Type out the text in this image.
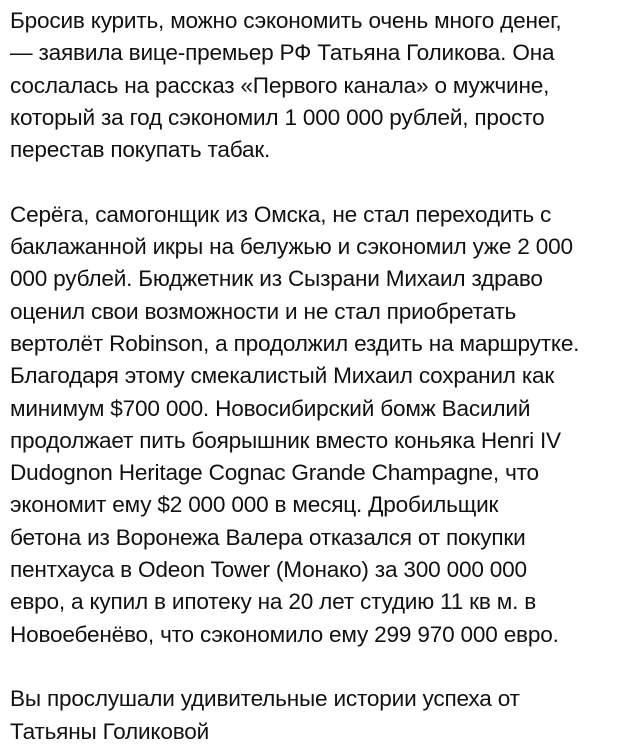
Бросив курить, можно сэкономить очень много денег,
— заявила вице-премьер РФ Татьяна Голикова. Она
сослалась на рассказ «Первого канала» о мужчине,
который за год сэкономил 1 000 000 рублей, просто
перестав покупать табак.
Серёга, самогонщик из Омска, не стал переходить с
баклажанной икры на белужью и сэкономил уже 2 000
000 рублей. Бюджетник из Сызрани Михаил здраво
оценил свои возможности и не стал приобретать
вертолёт Robinson, а продолжил ездить на маршрутке.
Благодаря этому смекалистый Михаил сохранил как
минимум $700 000. Новосибирский бомж Василий
продолжает пить боярышник вместо коньяка Henri IV
Dudognon Heritage Cognac Grande Champagne, что
экономит ему $2 000 000 в месяц. Дробильщик
бетона из Воронежа Валера отказался от покупки
пентхауса в Odeon Tower (Монако) за 300 000 000
евро, а купил в ипотеку на 20 лет студию 11 кв м. в
Новоебенёво, что сэкономило ему 299 970 000 евро.
Вы прослушали удивительные истории успеха от
Татьяны Голиковой
